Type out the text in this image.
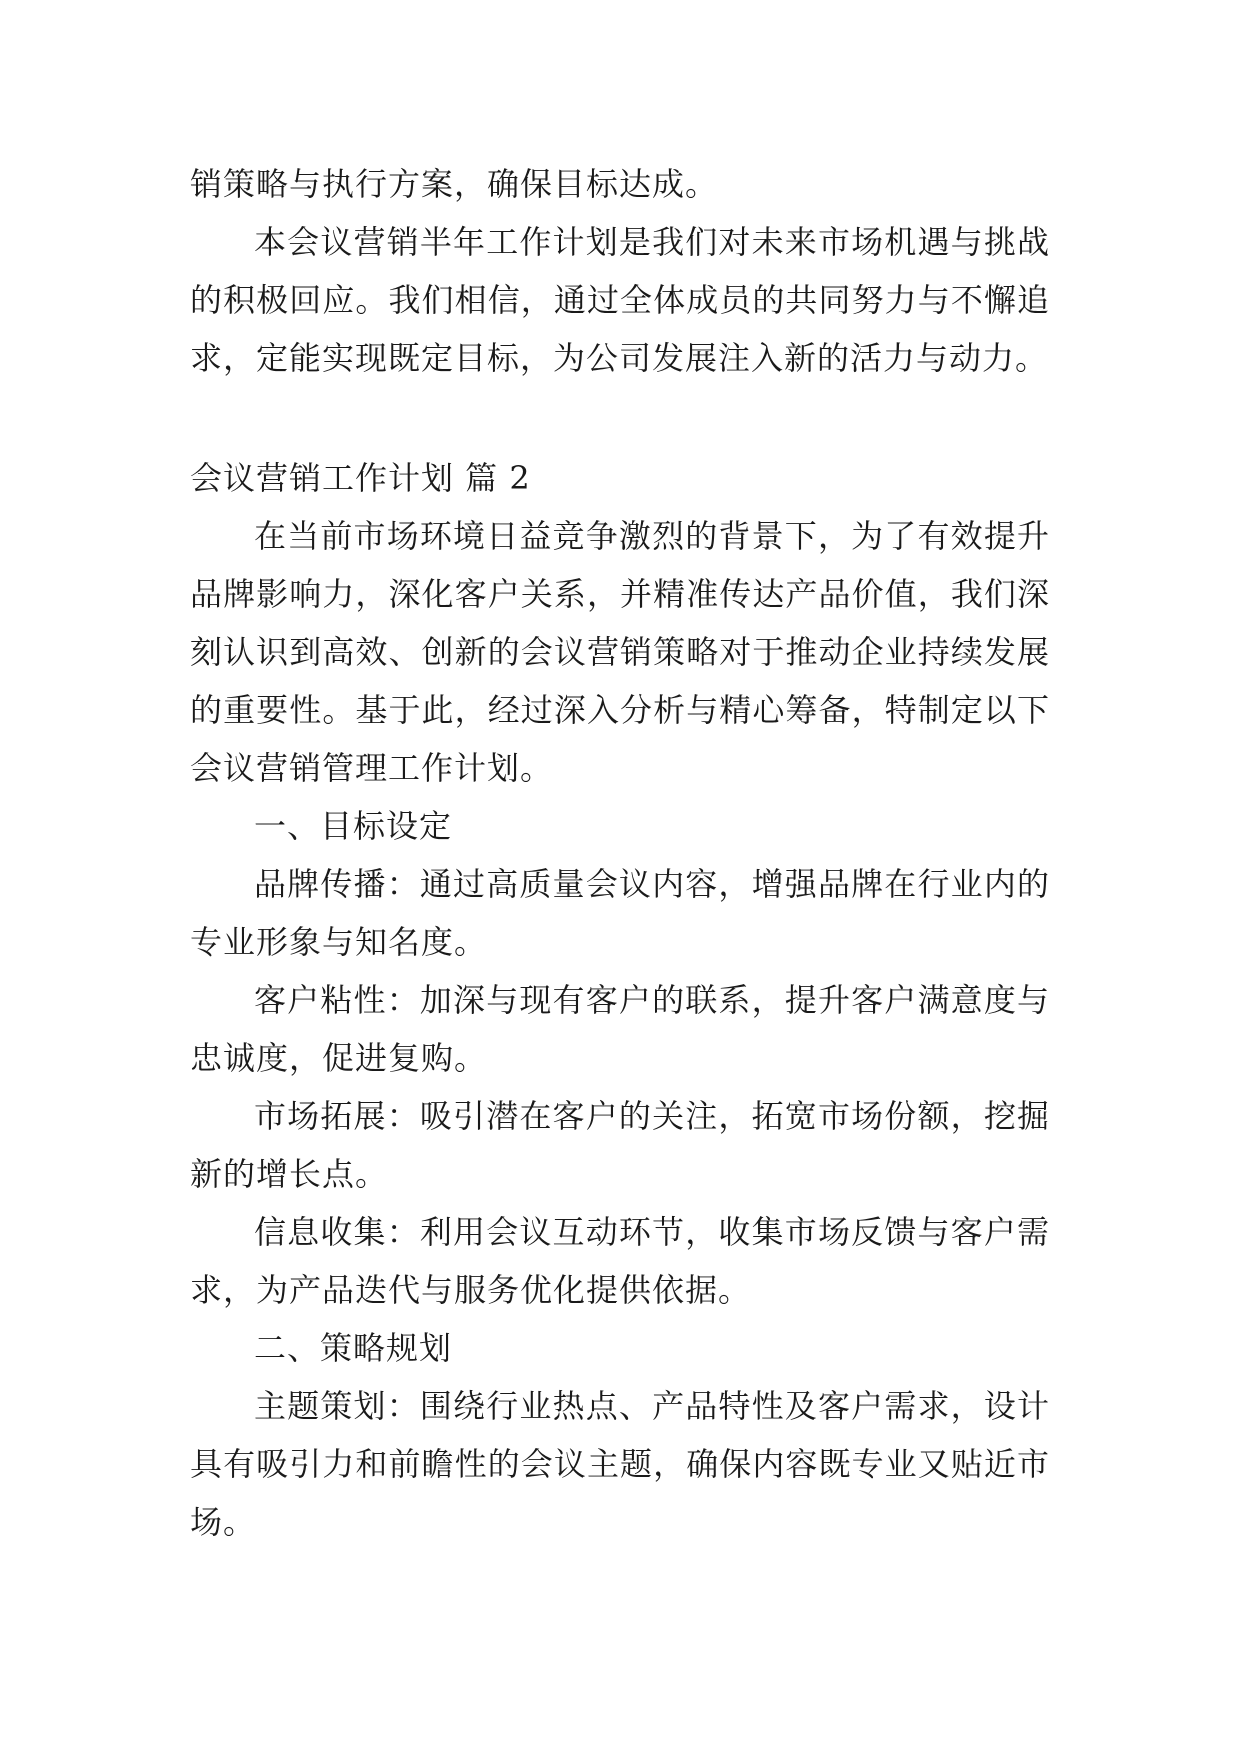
销策略与执行方案，确保目标达成。

本会议营销半年工作计划是我们对未来市场机遇与挑战的积极回应。我们相信，通过全体成员的共同努力与不懈追求，定能实现既定目标，为公司发展注入新的活力与动力。

会议营销工作计划 篇 2

在当前市场环境日益竞争激烈的背景下，为了有效提升品牌影响力，深化客户关系，并精准传达产品价值，我们深刻认识到高效、创新的会议营销策略对于推动企业持续发展的重要性。基于此，经过深入分析与精心筹备，特制定以下会议营销管理工作计划。

一、目标设定

品牌传播：通过高质量会议内容，增强品牌在行业内的专业形象与知名度。

客户粘性：加深与现有客户的联系，提升客户满意度与忠诚度，促进复购。

市场拓展：吸引潜在客户的关注，拓宽市场份额，挖掘新的增长点。

信息收集：利用会议互动环节，收集市场反馈与客户需求，为产品迭代与服务优化提供依据。

二、策略规划

主题策划：围绕行业热点、产品特性及客户需求，设计具有吸引力和前瞻性的会议主题，确保内容既专业又贴近市场。
